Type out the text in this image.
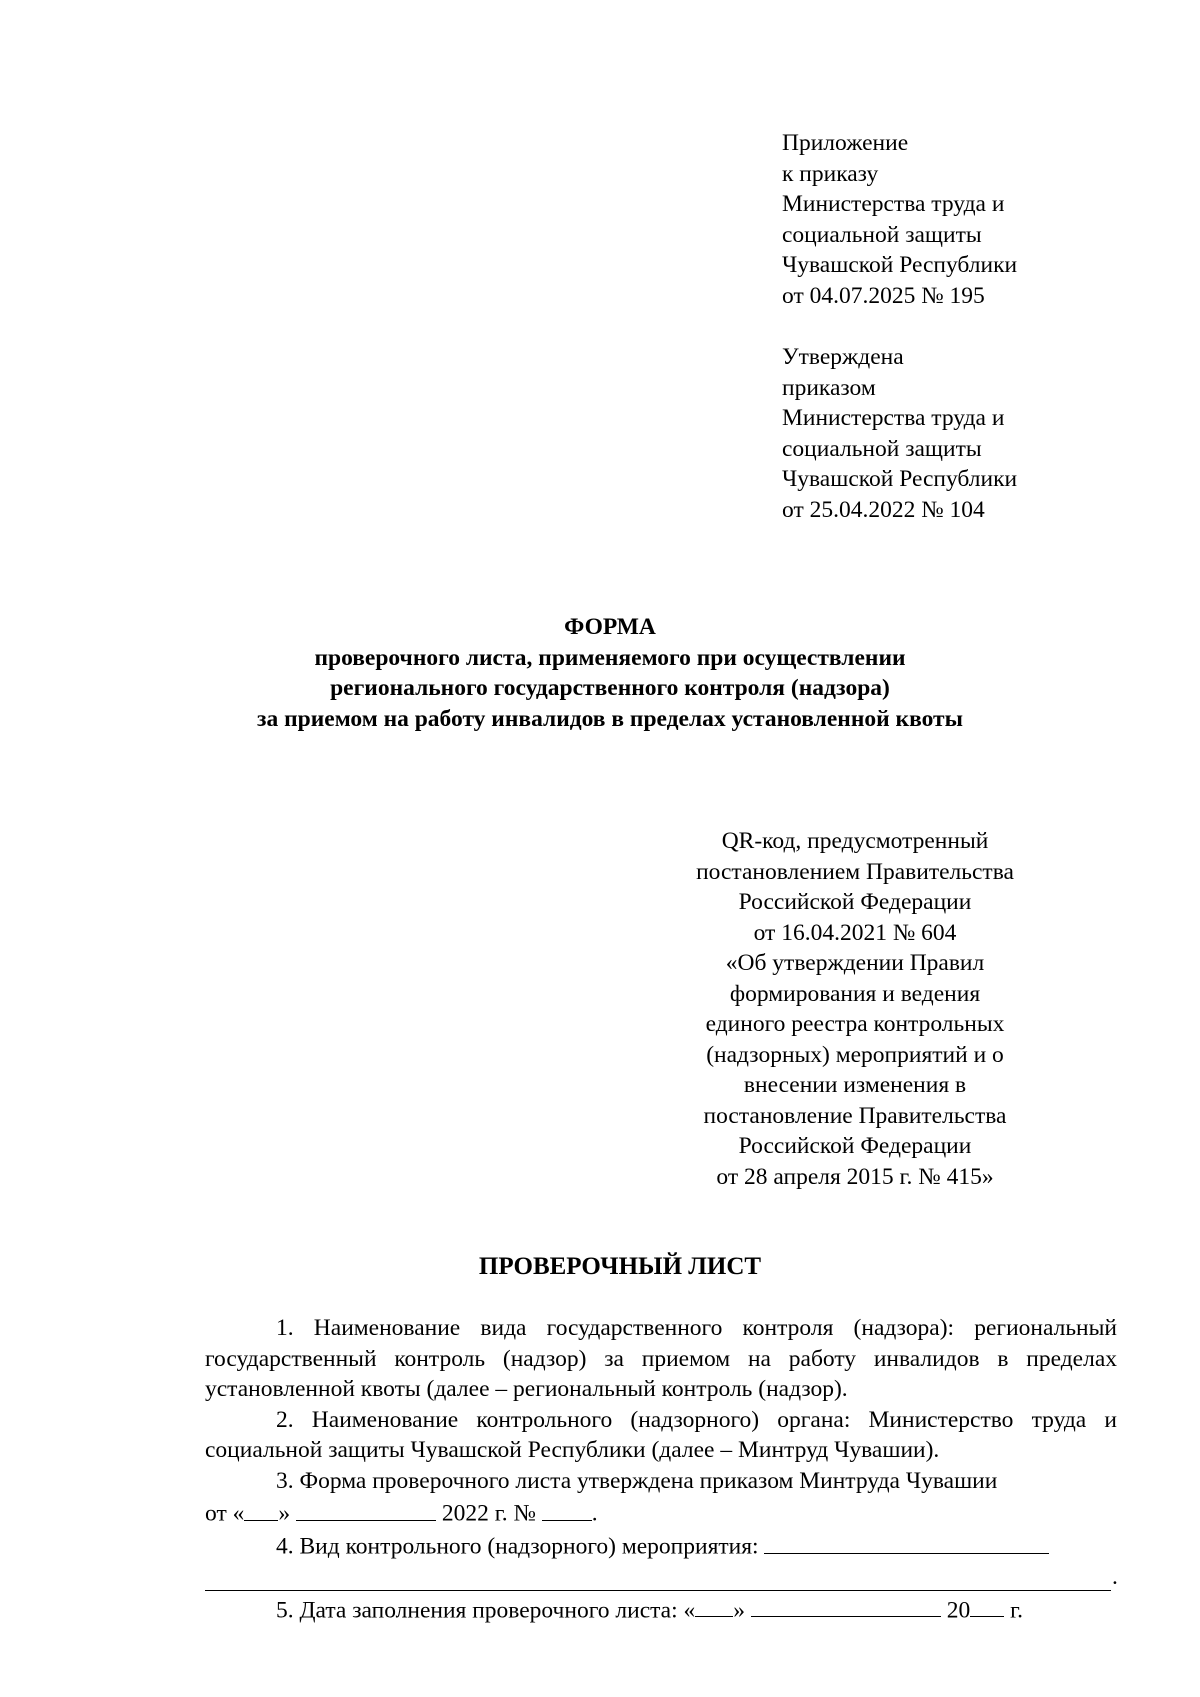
Приложение
к приказу
Министерства труда и
социальной защиты
Чувашской Республики
от 04.07.2025 № 195
Утверждена
приказом
Министерства труда и
социальной защиты
Чувашской Республики
от 25.04.2022 № 104
ФОРМА
проверочного листа, применяемого при осуществлении
регионального государственного контроля (надзора)
за приемом на работу инвалидов в пределах установленной квоты
QR-код, предусмотренный
постановлением Правительства
Российской Федерации
от 16.04.2021 № 604
«Об утверждении Правил
формирования и ведения
единого реестра контрольных
(надзорных) мероприятий и о
внесении изменения в
постановление Правительства
Российской Федерации
от 28 апреля 2015 г. № 415»
ПРОВЕРОЧНЫЙ ЛИСТ

1. Наименование вида государственного контроля (надзора): региональный государственный контроль (надзор) за приемом на работу инвалидов в пределах установленной квоты (далее – региональный контроль (надзор).

2. Наименование контрольного (надзорного) органа: Министерство труда и социальной защиты Чувашской Республики (далее – Минтруд Чувашии).

3. Форма проверочного листа утверждена приказом Минтруда Чувашии

от « »	2022 г. № .

4. Вид контрольного (надзорного) мероприятия:

.

5. Дата заполнения проверочного листа: « »	20 г.
